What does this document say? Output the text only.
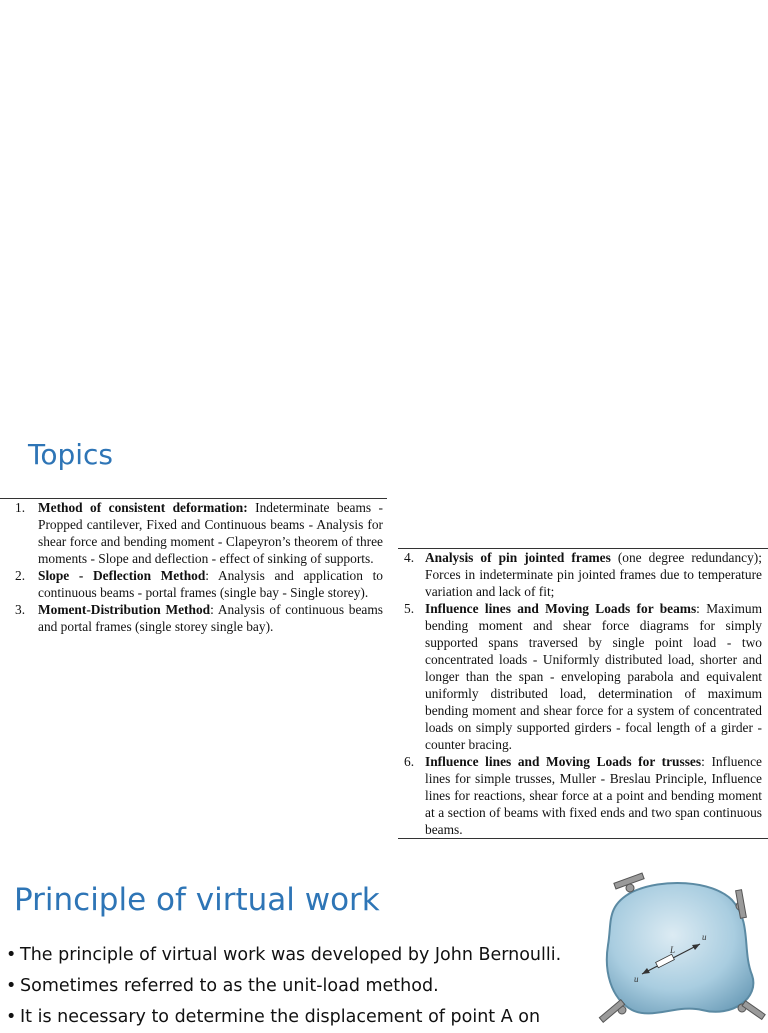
Topics
1. Method of consistent deformation: Indeterminate beams - Propped cantilever, Fixed and Continuous beams - Analysis for shear force and bending moment - Clapeyron’s theorem of three moments - Slope and deflection - effect of sinking of supports.
2. Slope - Deflection Method: Analysis and application to continuous beams - portal frames (single bay - Single storey).
3. Moment-Distribution Method: Analysis of continuous beams and portal frames (single storey single bay).
4. Analysis of pin jointed frames (one degree redundancy); Forces in indeterminate pin jointed frames due to temperature variation and lack of fit;
5. Influence lines and Moving Loads for beams: Maximum bending moment and shear force diagrams for simply supported spans traversed by single point load - two concentrated loads - Uniformly distributed load, shorter and longer than the span - enveloping parabola and equivalent uniformly distributed load, determination of maximum bending moment and shear force for a system of concentrated loads on simply supported girders - focal length of a girder - counter bracing.
6. Influence lines and Moving Loads for trusses: Influence lines for simple trusses, Muller - Breslau Principle, Influence lines for reactions, shear force at a point and bending moment at a section of beams with fixed ends and two span continuous beams.
Principle of virtual work
• The principle of virtual work was developed by John Bernoulli.
• Sometimes referred to as the unit-load method.
• It is necessary to determine the displacement of point A on
L
u
u
